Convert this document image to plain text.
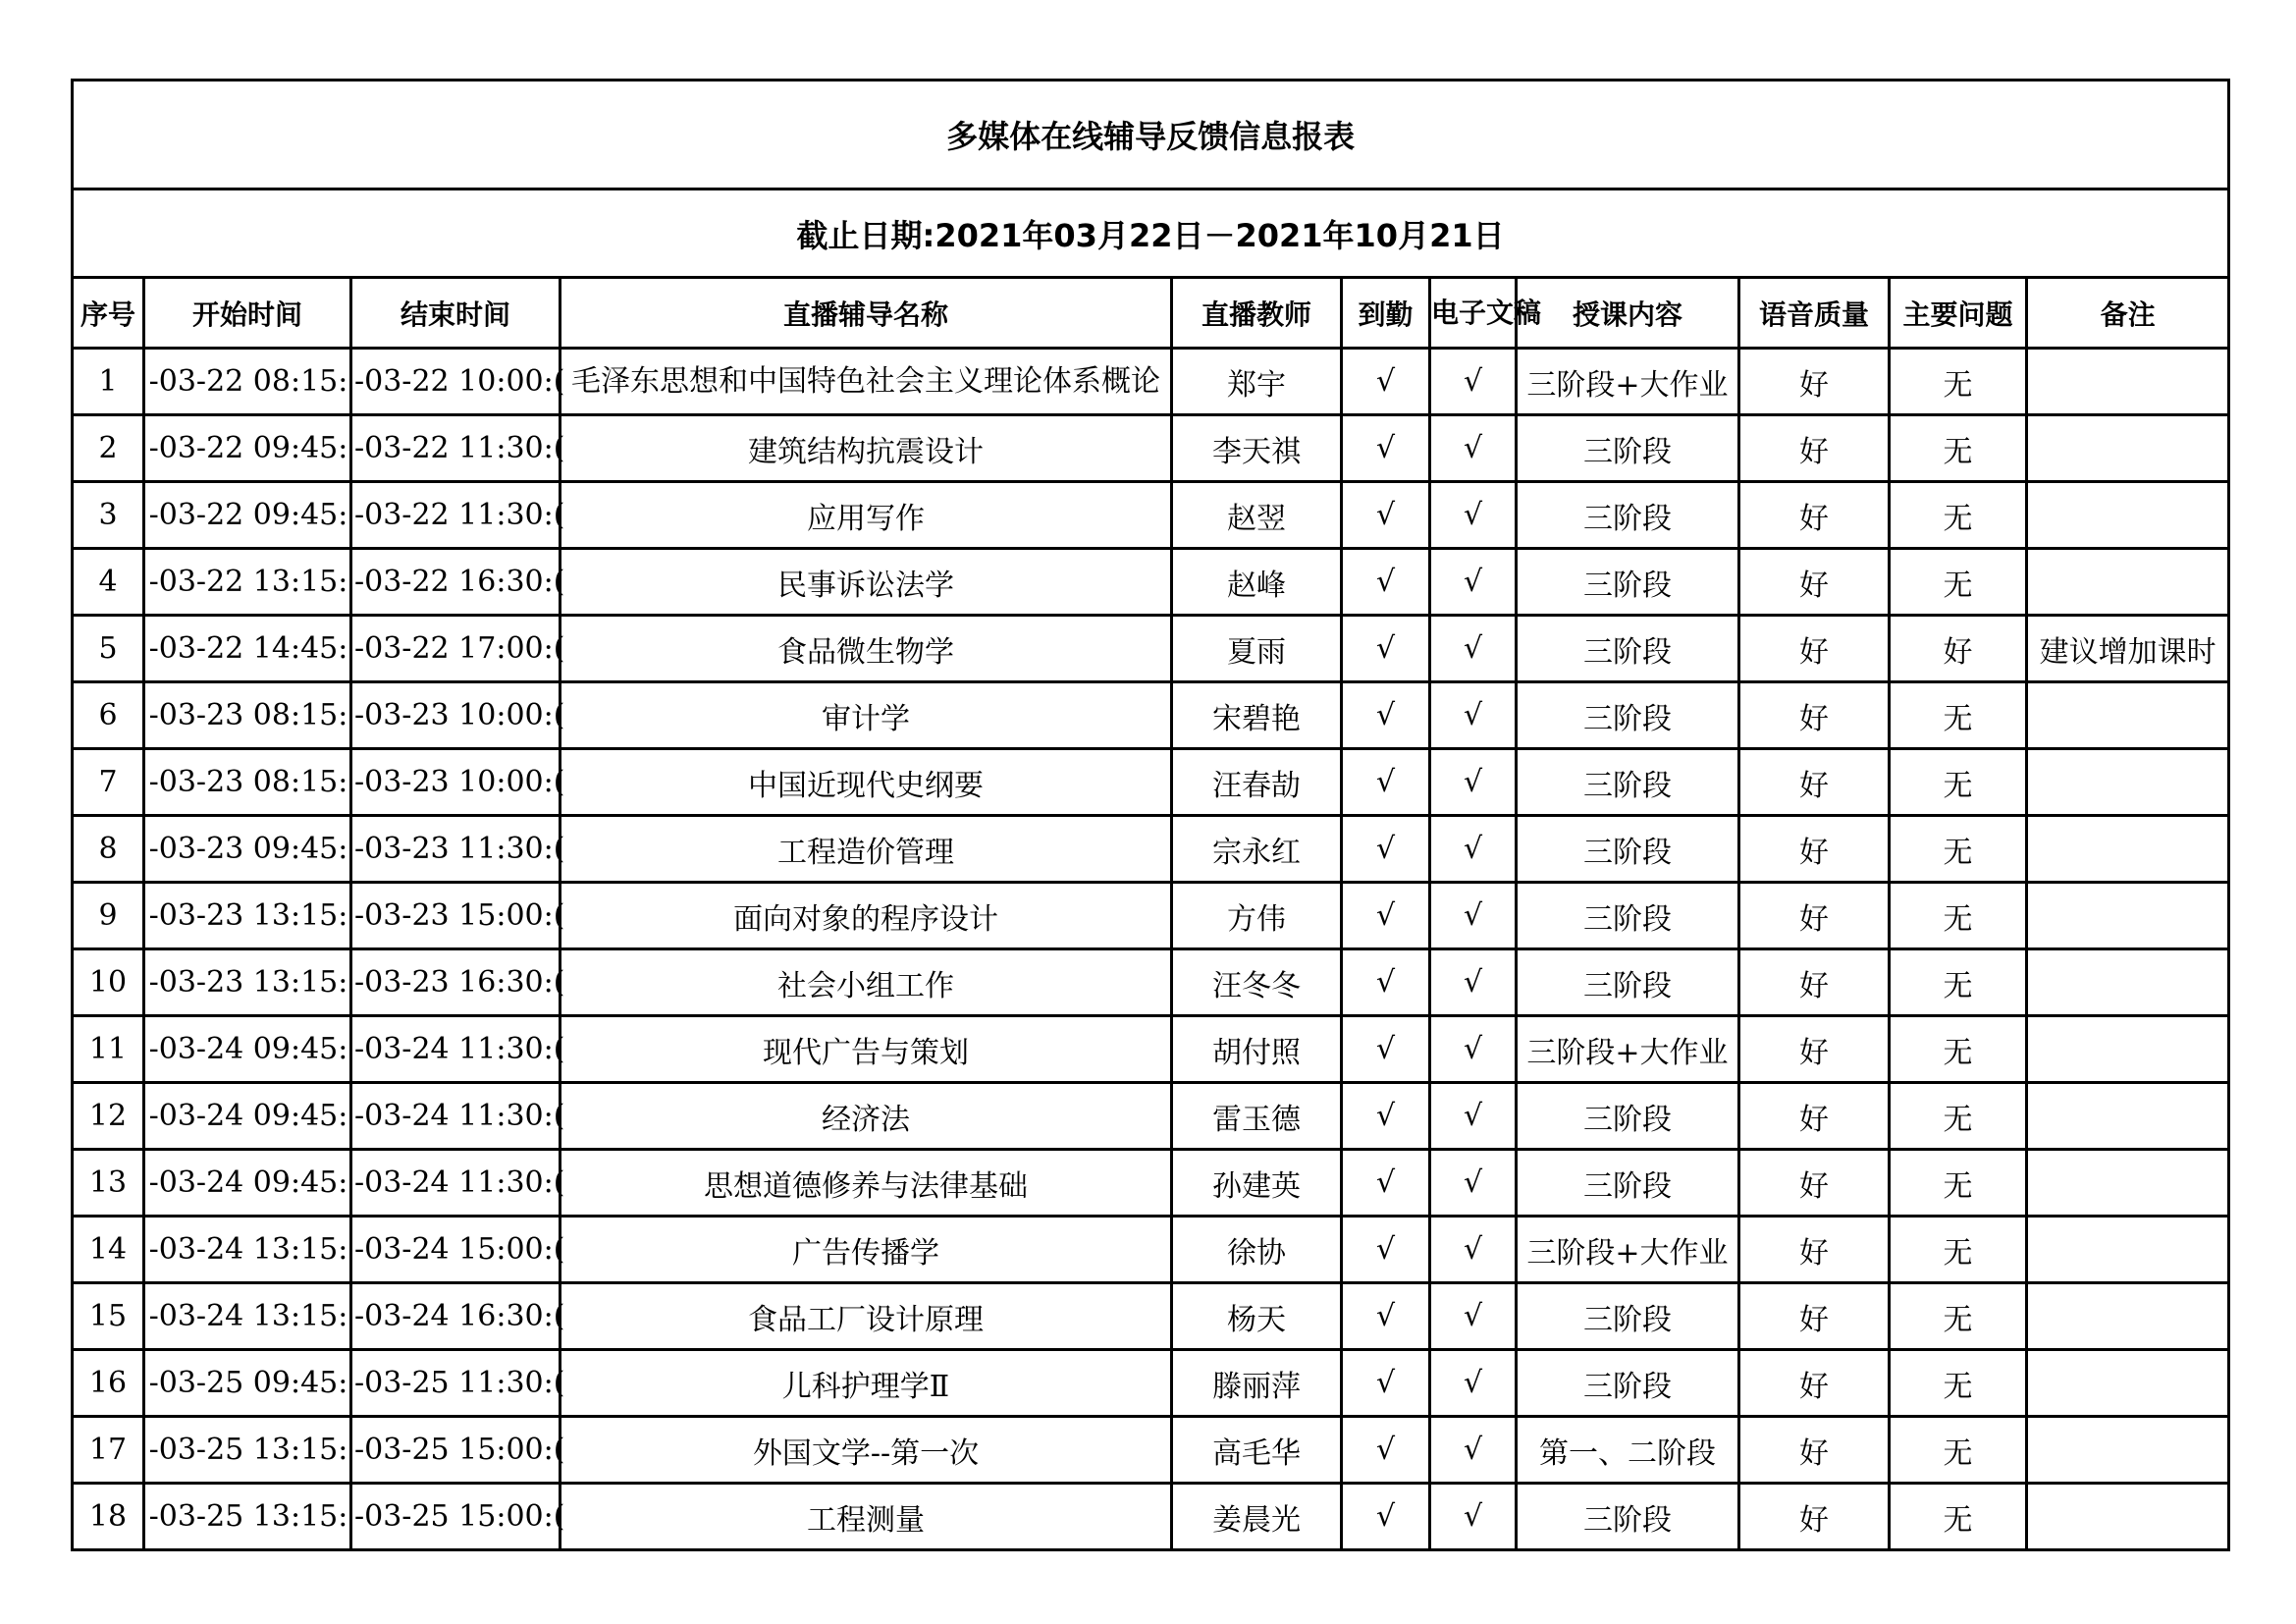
多媒体在线辅导反馈信息报表										
截止日期:2021年03月22日－2021年10月21日										
序号	开始时间	结束时间	直播辅导名称	直播教师	到勤	电子文稿	授课内容	语音质量	主要问题	备注
1	-03-22 08:15:	-03-22 10:00:(	毛泽东思想和中国特色社会主义理论体系概论	郑宇	√	√	三阶段+大作业	好	无	
2	-03-22 09:45:	-03-22 11:30:(	建筑结构抗震设计	李天祺	√	√	三阶段	好	无	
3	-03-22 09:45:	-03-22 11:30:(	应用写作	赵翌	√	√	三阶段	好	无	
4	-03-22 13:15:	-03-22 16:30:(	民事诉讼法学	赵峰	√	√	三阶段	好	无	
5	-03-22 14:45:	-03-22 17:00:(	食品微生物学	夏雨	√	√	三阶段	好	好	建议增加课时
6	-03-23 08:15:	-03-23 10:00:(	审计学	宋碧艳	√	√	三阶段	好	无	
7	-03-23 08:15:	-03-23 10:00:(	中国近现代史纲要	汪春劼	√	√	三阶段	好	无	
8	-03-23 09:45:	-03-23 11:30:(	工程造价管理	宗永红	√	√	三阶段	好	无	
9	-03-23 13:15:	-03-23 15:00:(	面向对象的程序设计	方伟	√	√	三阶段	好	无	
10	-03-23 13:15:	-03-23 16:30:(	社会小组工作	汪冬冬	√	√	三阶段	好	无	
11	-03-24 09:45:	-03-24 11:30:(	现代广告与策划	胡付照	√	√	三阶段+大作业	好	无	
12	-03-24 09:45:	-03-24 11:30:(	经济法	雷玉德	√	√	三阶段	好	无	
13	-03-24 09:45:	-03-24 11:30:(	思想道德修养与法律基础	孙建英	√	√	三阶段	好	无	
14	-03-24 13:15:	-03-24 15:00:(	广告传播学	徐协	√	√	三阶段+大作业	好	无	
15	-03-24 13:15:	-03-24 16:30:(	食品工厂设计原理	杨天	√	√	三阶段	好	无	
16	-03-25 09:45:	-03-25 11:30:(	儿科护理学Ⅱ	滕丽萍	√	√	三阶段	好	无	
17	-03-25 13:15:	-03-25 15:00:(	外国文学--第一次	高毛华	√	√	第一、二阶段	好	无	
18	-03-25 13:15:	-03-25 15:00:(	工程测量	姜晨光	√	√	三阶段	好	无	
